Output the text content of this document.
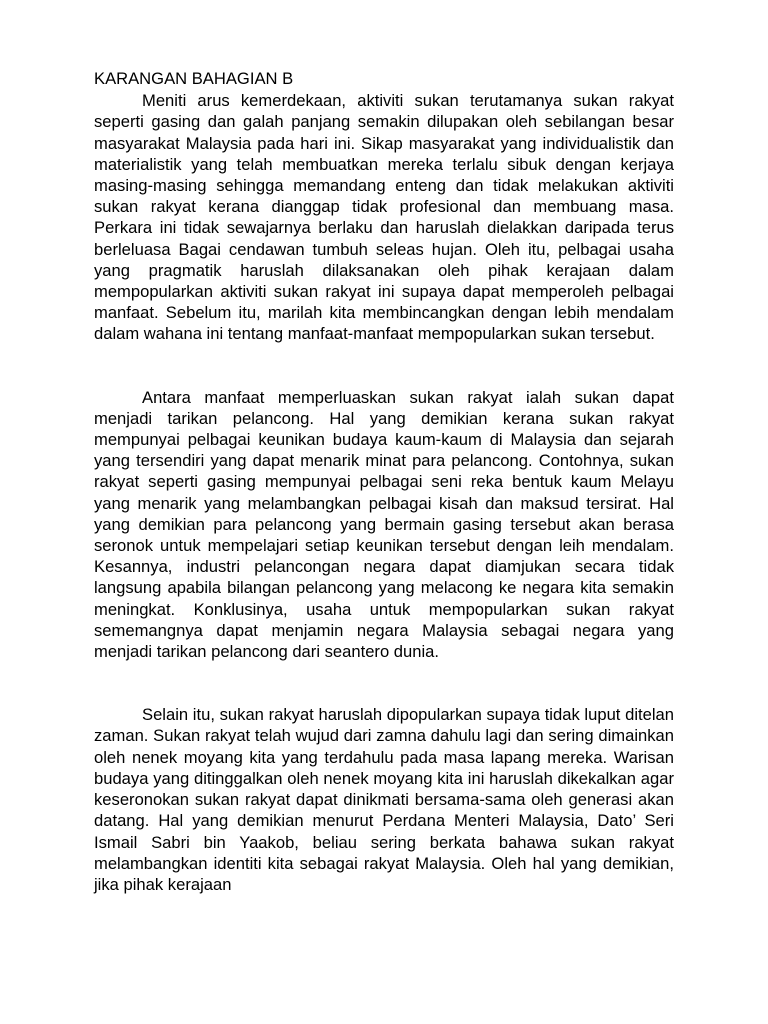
KARANGAN BAHAGIAN B

Meniti arus kemerdekaan, aktiviti sukan terutamanya sukan rakyat seperti gasing dan galah panjang semakin dilupakan oleh sebilangan besar masyarakat Malaysia pada hari ini. Sikap masyarakat yang individualistik dan materialistik yang telah membuatkan mereka terlalu sibuk dengan kerjaya masing-masing sehingga memandang enteng dan tidak melakukan aktiviti sukan rakyat kerana dianggap tidak profesional dan membuang masa. Perkara ini tidak sewajarnya berlaku dan haruslah dielakkan daripada terus berleluasa Bagai cendawan tumbuh seleas hujan. Oleh itu, pelbagai usaha yang pragmatik haruslah dilaksanakan oleh pihak kerajaan dalam mempopularkan aktiviti sukan rakyat ini supaya dapat memperoleh pelbagai manfaat. Sebelum itu, marilah kita membincangkan dengan lebih mendalam dalam wahana ini tentang manfaat-manfaat mempopularkan sukan tersebut.

Antara manfaat memperluaskan sukan rakyat ialah sukan dapat menjadi tarikan pelancong. Hal yang demikian kerana sukan rakyat mempunyai pelbagai keunikan budaya kaum-kaum di Malaysia dan sejarah yang tersendiri yang dapat menarik minat para pelancong. Contohnya, sukan rakyat seperti gasing mempunyai pelbagai seni reka bentuk kaum Melayu yang menarik yang melambangkan pelbagai kisah dan maksud tersirat. Hal yang demikian para pelancong yang bermain gasing tersebut akan berasa seronok untuk mempelajari setiap keunikan tersebut dengan leih mendalam. Kesannya, industri pelancongan negara dapat diamjukan secara tidak langsung apabila bilangan pelancong yang melacong ke negara kita semakin meningkat. Konklusinya, usaha untuk mempopularkan sukan rakyat sememangnya dapat menjamin negara Malaysia sebagai negara yang menjadi tarikan pelancong dari seantero dunia.

Selain itu, sukan rakyat haruslah dipopularkan supaya tidak luput ditelan zaman. Sukan rakyat telah wujud dari zamna dahulu lagi dan sering dimainkan oleh nenek moyang kita yang terdahulu pada masa lapang mereka. Warisan budaya yang ditinggalkan oleh nenek moyang kita ini haruslah dikekalkan agar keseronokan sukan rakyat dapat dinikmati bersama-sama oleh generasi akan datang. Hal yang demikian menurut Perdana Menteri Malaysia, Dato’ Seri Ismail Sabri bin Yaakob, beliau sering berkata bahawa sukan rakyat melambangkan identiti kita sebagai rakyat Malaysia. Oleh hal yang demikian, jika pihak kerajaan
